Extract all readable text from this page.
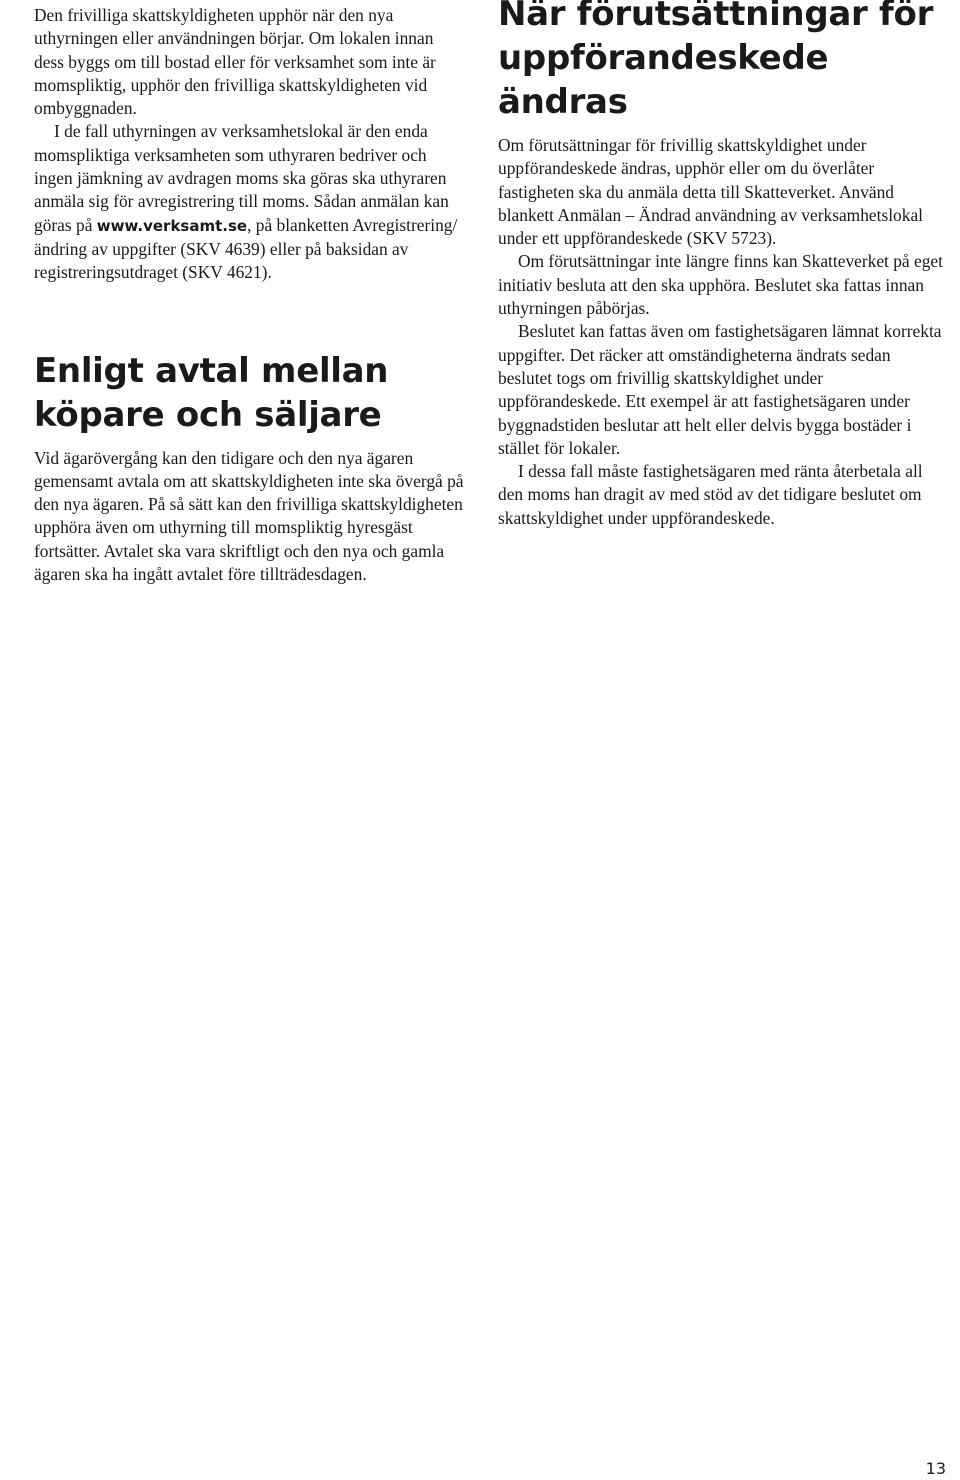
Den frivilliga skattskyldigheten upphör när den nya uthyrningen eller användningen börjar. Om lokalen innan dess byggs om till bostad eller för verksamhet som inte är momspliktig, upphör den frivilliga skattskyldigheten vid ombyggnaden.

I de fall uthyrningen av verksamhetslokal är den enda momspliktiga verksamheten som uthyraren bedriver och ingen jämkning av avdragen moms ska göras ska uthyraren anmäla sig för avregistrering till moms. Sådan anmälan kan göras på www.verksamt.se, på blanketten Avregistrering/ändring av uppgifter (SKV 4639) eller på baksidan av registreringsutdraget (SKV 4621).

Enligt avtal mellan köpare och säljare

Vid ägarövergång kan den tidigare och den nya ägaren gemensamt avtala om att skattskyldigheten inte ska övergå på den nya ägaren. På så sätt kan den frivilliga skattskyldigheten upphöra även om uthyrning till momspliktig hyresgäst fortsätter. Avtalet ska vara skriftligt och den nya och gamla ägaren ska ha ingått avtalet före tillträdesdagen.

När förutsättningar för uppförandeskede ändras

Om förutsättningar för frivillig skattskyldighet under uppförandeskede ändras, upphör eller om du överlåter fastigheten ska du anmäla detta till Skatteverket. Använd blankett Anmälan – Ändrad användning av verksamhetslokal under ett uppförandeskede (SKV 5723).

Om förutsättningar inte längre finns kan Skatteverket på eget initiativ besluta att den ska upphöra. Beslutet ska fattas innan uthyrningen påbörjas.

Beslutet kan fattas även om fastighetsägaren lämnat korrekta uppgifter. Det räcker att omständigheterna ändrats sedan beslutet togs om frivillig skattskyldighet under uppförandeskede. Ett exempel är att fastighetsägaren under byggnadstiden beslutar att helt eller delvis bygga bostäder i stället för lokaler.

I dessa fall måste fastighetsägaren med ränta återbetala all den moms han dragit av med stöd av det tidigare beslutet om skattskyldighet under uppförandeskede.

13
